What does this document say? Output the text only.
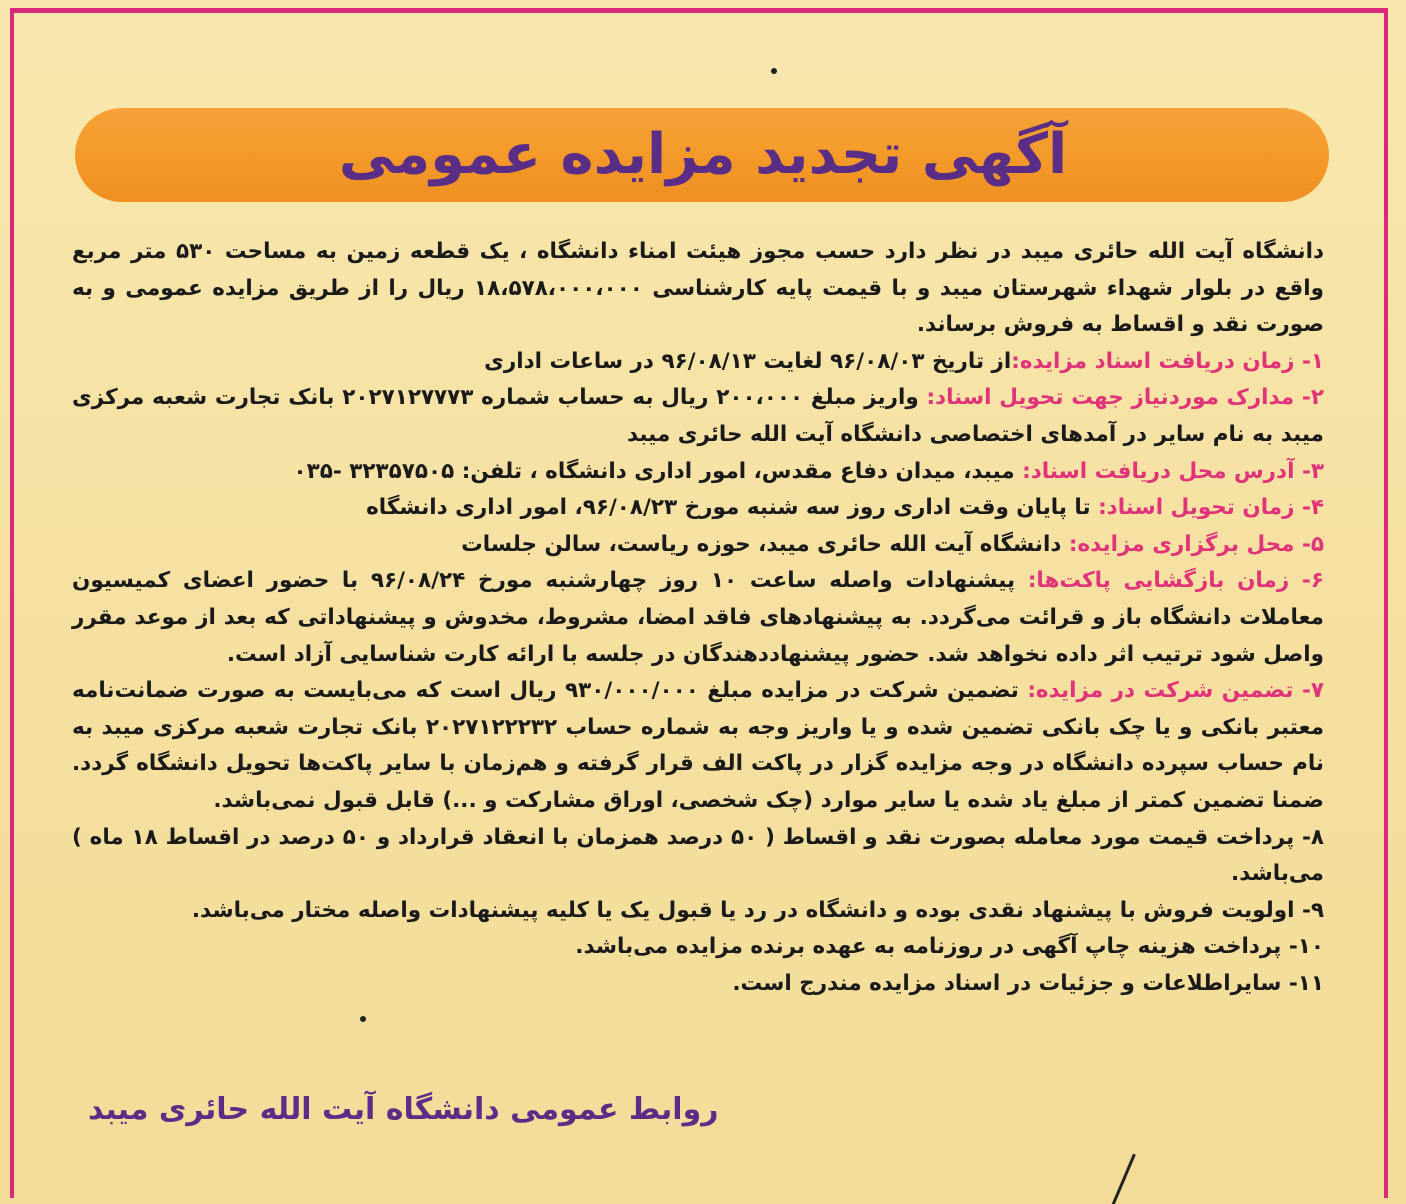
آگهی تجدید مزایده عمومی

دانشگاه آیت الله حائری میبد در نظر دارد حسب مجوز هیئت امناء دانشگاه ، یک قطعه زمین به مساحت ۵۳۰ متر مربع واقع در بلوار شهداء شهرستان میبد و با قیمت پایه کارشناسی ۱۸،۵۷۸،۰۰۰،۰۰۰ ریال را از طریق مزایده عمومی و به صورت نقد و اقساط به فروش برساند.

۱- زمان دریافت اسناد مزایده:از تاریخ ۹۶/۰۸/۰۳ لغایت ۹۶/۰۸/۱۳ در ساعات اداری

۲- مدارک موردنیاز جهت تحویل اسناد: واریز مبلغ ۲۰۰،۰۰۰ ریال به حساب شماره ۲۰۲۷۱۲۷۷۷۳ بانک تجارت شعبه مرکزی میبد به نام سایر در آمدهای اختصاصی دانشگاه آیت الله حائری میبد

۳- آدرس محل دریافت اسناد: میبد، میدان دفاع مقدس، امور اداری دانشگاه ، تلفن: ۳۲۳۵۷۵۰۵ -۰۳۵

۴- زمان تحویل اسناد: تا پایان وقت اداری روز سه شنبه مورخ ۹۶/۰۸/۲۳، امور اداری دانشگاه

۵- محل برگزاری مزایده: دانشگاه آیت الله حائری میبد، حوزه ریاست، سالن جلسات

۶- زمان بازگشایی پاکت‌ها: پیشنهادات واصله ساعت ۱۰ روز چهارشنبه مورخ ۹۶/۰۸/۲۴ با حضور اعضای کمیسیون معاملات دانشگاه باز و قرائت می‌گردد. به پیشنهادهای فاقد امضا، مشروط، مخدوش و پیشنهاداتی که بعد از موعد مقرر واصل شود ترتیب اثر داده نخواهد شد. حضور پیشنهاددهندگان در جلسه با ارائه کارت شناسایی آزاد است.

۷- تضمین شرکت در مزایده: تضمین شرکت در مزایده مبلغ ۹۳۰/۰۰۰/۰۰۰ ریال است که می‌بایست به صورت ضمانت‌نامه معتبر بانکی و یا چک بانکی تضمین شده و یا واریز وجه به شماره حساب ۲۰۲۷۱۲۲۲۳۲ بانک تجارت شعبه مرکزی میبد به نام حساب سپرده دانشگاه در وجه مزایده گزار در پاکت الف قرار گرفته و هم‌زمان با سایر پاکت‌ها تحویل دانشگاه گردد. ضمنا تضمین کمتر از مبلغ یاد شده یا سایر موارد (چک شخصی، اوراق مشارکت و ...) قابل قبول نمی‌باشد.

۸- پرداخت قیمت مورد معامله بصورت نقد و اقساط ( ۵۰ درصد همزمان با انعقاد قرارداد و ۵۰ درصد در اقساط ۱۸ ماه ) می‌باشد.

۹- اولویت فروش با پیشنهاد نقدی بوده و دانشگاه در رد یا قبول یک یا کلیه پیشنهادات واصله مختار می‌باشد.

۱۰- پرداخت هزینه چاپ آگهی در روزنامه به عهده برنده مزایده می‌باشد.

۱۱- سایراطلاعات و جزئیات در اسناد مزایده مندرج است.

روابط عمومی دانشگاه آیت الله حائری میبد
